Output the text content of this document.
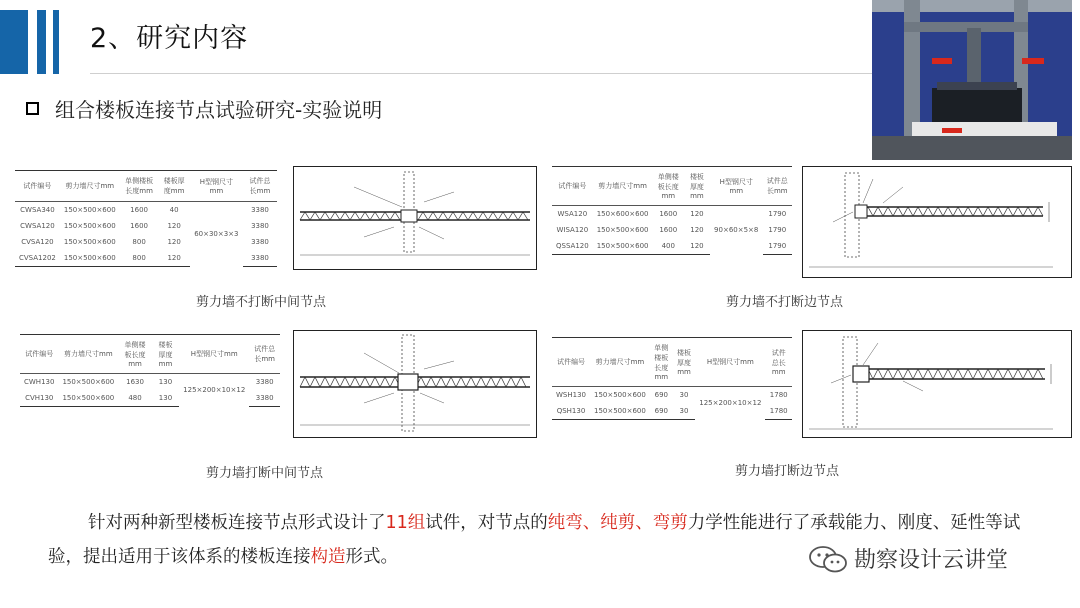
2、研究内容
组合楼板连接节点试验研究-实验说明
试件编号	剪力墙尺寸mm	单侧楼板长度mm	楼板厚度mm	H型钢尺寸mm	试件总长mm
CWSA340	150×500×600	1600	40	60×30×3×3	3380
CWSA120	150×500×600	1600	120		3380
CVSA120	150×500×600	800	120		3380
CVSA1202	150×500×600	800	120		3380
剪力墙不打断中间节点
试件编号	剪力墙尺寸mm	单侧楼板长度mm	楼板厚度mm	H型钢尺寸mm	试件总长mm
WSA120	150×600×600	1600	120	90×60×5×8	1790
WISA120	150×500×600	1600	120		1790
QSSA120	150×500×600	400	120		1790
剪力墙不打断边节点
试件编号	剪力墙尺寸mm	单侧楼板长度mm	楼板厚度mm	H型钢尺寸mm	试件总长mm
CWH130	150×500×600	1630	130	125×200×10×12	3380
CVH130	150×500×600	480	130		3380
剪力墙打断中间节点
试件编号	剪力墙尺寸mm	单侧楼板长度mm	楼板厚度mm	H型钢尺寸mm	试件总长mm
WSH130	150×500×600	690	30	125×200×10×12	1780
QSH130	150×500×600	690	30		1780
剪力墙打断边节点
针对两种新型楼板连接节点形式设计了11组试件，对节点的纯弯、纯剪、弯剪力学性能进行了承载能力、刚度、延性等试验，提出适用于该体系的楼板连接构造形式。	勘察设计云讲堂
